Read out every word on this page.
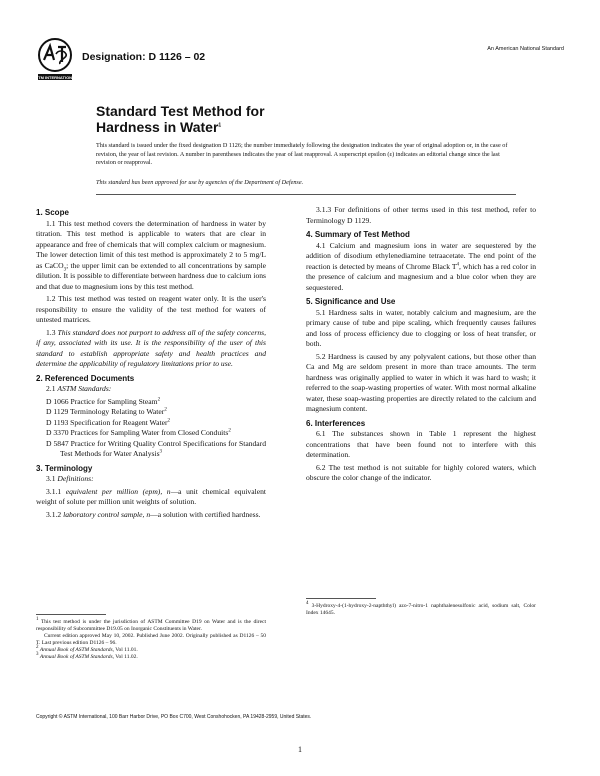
ASTM INTERNATIONAL
Designation: D 1126 – 02
An American National Standard
Standard Test Method for
Hardness in Water$^1$

This standard is issued under the fixed designation D 1126; the number immediately following the designation indicates the year of original adoption or, in the case of revision, the year of last revision. A number in parentheses indicates the year of last reapproval. A superscript epsilon (ε) indicates an editorial change since the last revision or reapproval.

This standard has been approved for use by agencies of the Department of Defense.
1. Scope

1.1 This test method covers the determination of hardness in water by titration. This test method is applicable to waters that are clear in appearance and free of chemicals that will complex calcium or magnesium. The lower detection limit of this test method is approximately 2 to 5 mg/L as CaCO$_3$; the upper limit can be extended to all concentrations by sample dilution. It is possible to differentiate between hardness due to calcium ions and that due to magnesium ions by this test method.

1.2 This test method was tested on reagent water only. It is the user's responsibility to ensure the validity of the test method for waters of untested matrices.

1.3 This standard does not purport to address all of the safety concerns, if any, associated with its use. It is the responsibility of the user of this standard to establish appropriate safety and health practices and determine the applicability of regulatory limitations prior to use.

2. Referenced Documents

2.1 ASTM Standards:

D 1066 Practice for Sampling Steam$^2$

D 1129 Terminology Relating to Water$^2$

D 1193 Specification for Reagent Water$^2$

D 3370 Practices for Sampling Water from Closed Conduits$^2$

D 5847 Practice for Writing Quality Control Specifications for Standard Test Methods for Water Analysis$^3$

3. Terminology

3.1 Definitions:

3.1.1 equivalent per million (epm), n—a unit chemical equivalent weight of solute per million unit weights of solution.

3.1.2 laboratory control sample, n—a solution with certified hardness.

$^1$ This test method is under the jurisdiction of ASTM Committee D19 on Water and is the direct responsibility of Subcommittee D19.05 on Inorganic Constituents in Water.

Current edition approved May 10, 2002. Published June 2002. Originally published as D1126 – 50 T. Last previous edition D1126 – 96.

$^2$ Annual Book of ASTM Standards, Vol 11.01.

$^3$ Annual Book of ASTM Standards, Vol 11.02.

3.1.3 For definitions of other terms used in this test method, refer to Terminology D 1129.

4. Summary of Test Method

4.1 Calcium and magnesium ions in water are sequestered by the addition of disodium ethylenediamine tetraacetate. The end point of the reaction is detected by means of Chrome Black $T^4$, which has a red color in the presence of calcium and magnesium and a blue color when they are sequestered.

5. Significance and Use

5.1 Hardness salts in water, notably calcium and magnesium, are the primary cause of tube and pipe scaling, which frequently causes failures and loss of process efficiency due to clogging or loss of heat transfer, or both.

5.2 Hardness is caused by any polyvalent cations, but those other than Ca and Mg are seldom present in more than trace amounts. The term hardness was originally applied to water in which it was hard to wash; it referred to the soap-wasting properties of water. With most normal alkaline water, these soap-wasting properties are directly related to the calcium and magnesium content.

6. Interferences

6.1 The substances shown in Table 1 represent the highest concentrations that have been found not to interfere with this determination.

6.2 The test method is not suitable for highly colored waters, which obscure the color change of the indicator.

$^4$ 3-Hydroxy-4-(1-hydroxy-2-napththyl) azo-7-nitro-1 naphthalenesulfonic acid, sodium salt, Color Index 14645.

Copyright © ASTM International, 100 Barr Harbor Drive, PO Box C700, West Conshohocken, PA 19428-2959, United States.
1
